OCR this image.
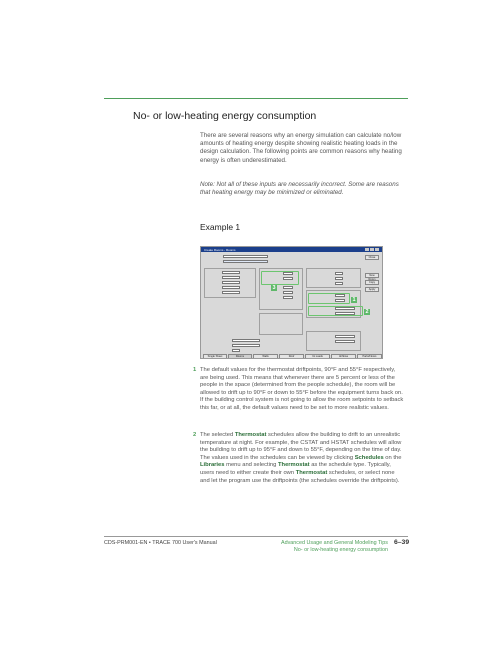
No- or low-heating energy consumption
There are several reasons why an energy simulation can calculate no/low amounts of heating energy despite showing realistic heating loads in the design calculation. The following points are common reasons why heating energy is often underestimated.
Note: Not all of these inputs are necessarily incorrect. Some are reasons that heating energy may be minimized or eliminated.
Example 1
Create Rooms - Rooms
3
1
2
Close
New
Copy
Apply
Single Sheet	Rooms	Walls	Roof	Int Loads	Airflows	Parts/Floors
1 The default values for the thermostat driftpoints, 90°F and 55°F respectively, are being used. This means that whenever there are 5 percent or less of the people in the space (determined from the people schedule), the room will be allowed to drift up to 90°F or down to 55°F before the equipment turns back on. If the building control system is not going to allow the room setpoints to setback this far, or at all, the default values need to be set to more realistic values.
2 The selected Thermostat schedules allow the building to drift to an unrealistic temperature at night. For example, the CSTAT and HSTAT schedules will allow the building to drift up to 95°F and down to 55°F, depending on the time of day. The values used in the schedules can be viewed by clicking Schedules on the Libraries menu and selecting Thermostat as the schedule type. Typically, users need to either create their own Thermostat schedules, or select none and let the program use the driftpoints (the schedules override the driftpoints).
CDS-PRM001-EN • TRACE 700 User's Manual	Advanced Usage and General Modeling Tips
No- or low-heating energy consumption
6–39
